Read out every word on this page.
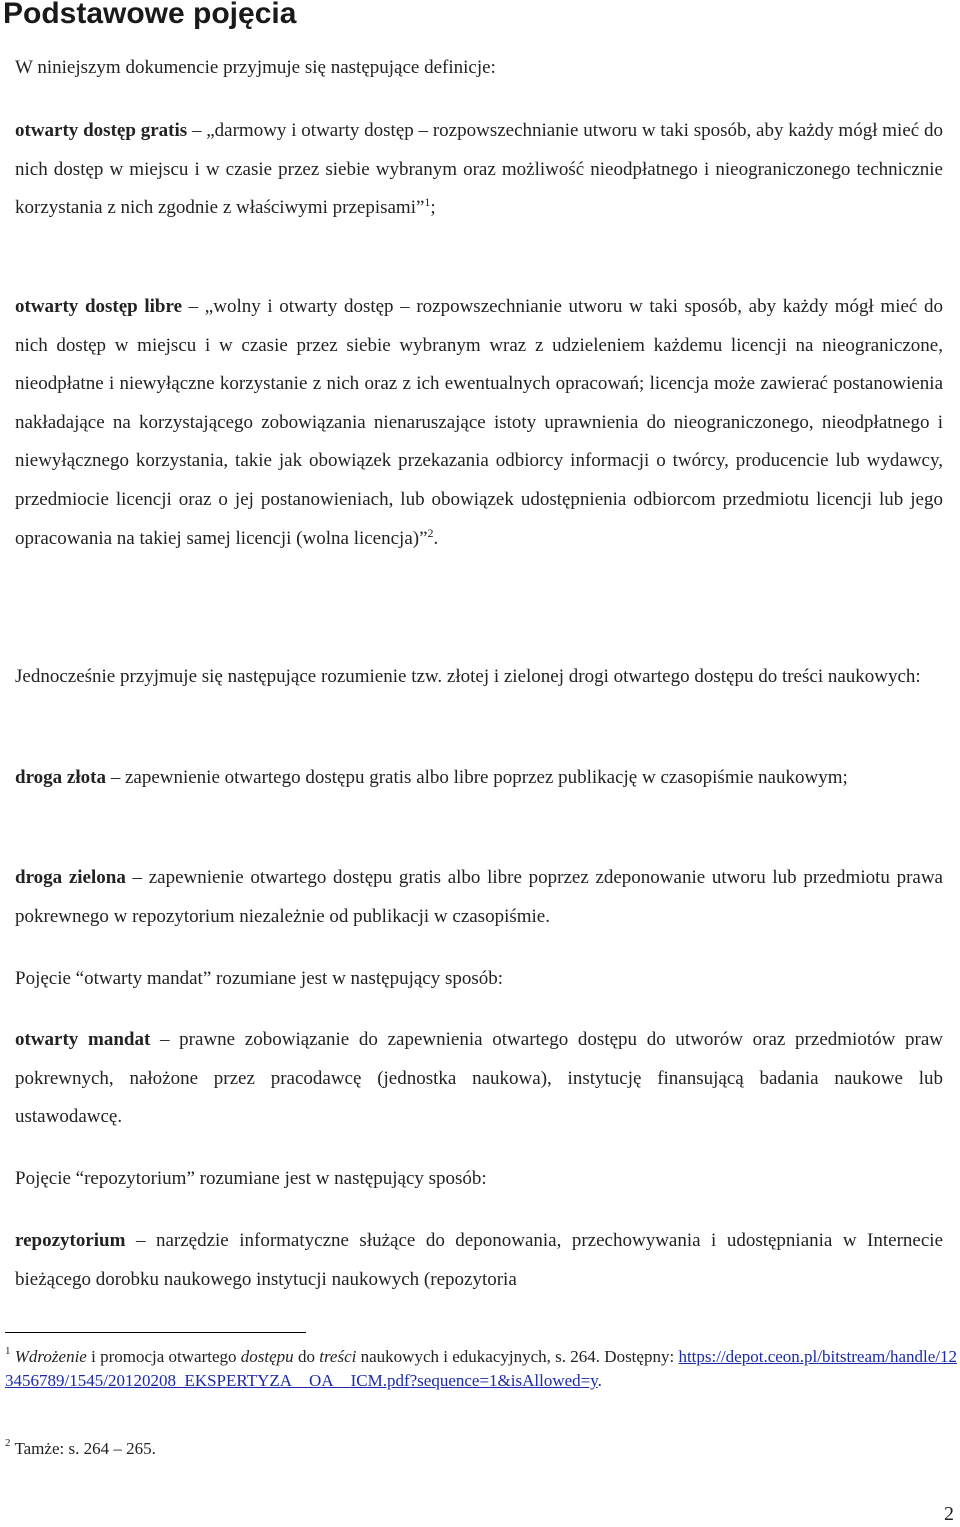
Podstawowe pojęcia

W niniejszym dokumencie przyjmuje się następujące definicje:

otwarty dostęp gratis – „darmowy i otwarty dostęp – rozpowszechnianie utworu w taki sposób, aby każdy mógł mieć do nich dostęp w miejscu i w czasie przez siebie wybranym oraz możliwość nieodpłatnego i nieograniczonego technicznie korzystania z nich zgodnie z właściwymi przepisami”$^1$;

otwarty dostęp libre – „wolny i otwarty dostęp – rozpowszechnianie utworu w taki sposób, aby każdy mógł mieć do nich dostęp w miejscu i w czasie przez siebie wybranym wraz z udzieleniem każdemu licencji na nieograniczone, nieodpłatne i niewyłączne korzystanie z nich oraz z ich ewentualnych opracowań; licencja może zawierać postanowienia nakładające na korzystającego zobowiązania nienaruszające istoty uprawnienia do nieograniczonego, nieodpłatnego i niewyłącznego korzystania, takie jak obowiązek przekazania odbiorcy informacji o twórcy, producencie lub wydawcy, przedmiocie licencji oraz o jej postanowieniach, lub obowiązek udostępnienia odbiorcom przedmiotu licencji lub jego opracowania na takiej samej licencji (wolna licencja)”$^2$.

Jednocześnie przyjmuje się następujące rozumienie tzw. złotej i zielonej drogi otwartego dostępu do treści naukowych:

droga złota – zapewnienie otwartego dostępu gratis albo libre poprzez publikację w czasopiśmie naukowym;

droga zielona – zapewnienie otwartego dostępu gratis albo libre poprzez zdeponowanie utworu lub przedmiotu prawa pokrewnego w repozytorium niezależnie od publikacji w czasopiśmie.

Pojęcie “otwarty mandat” rozumiane jest w następujący sposób:

otwarty mandat – prawne zobowiązanie do zapewnienia otwartego dostępu do utworów oraz przedmiotów praw pokrewnych, nałożone przez pracodawcę (jednostka naukowa), instytucję finansującą badania naukowe lub ustawodawcę.

Pojęcie “repozytorium” rozumiane jest w następujący sposób:

repozytorium – narzędzie informatyczne służące do deponowania, przechowywania i udostępniania w Internecie bieżącego dorobku naukowego instytucji naukowych (repozytoria

$^1$ Wdrożenie i promocja otwartego dostępu do treści naukowych i edukacyjnych, s. 264. Dostępny: https://depot.ceon.pl/bitstream/handle/123456789/1545/20120208_EKSPERTYZA__OA__ICM.pdf?sequence=1&isAllowed=y.

$^2$ Tamże: s. 264 – 265.

2
